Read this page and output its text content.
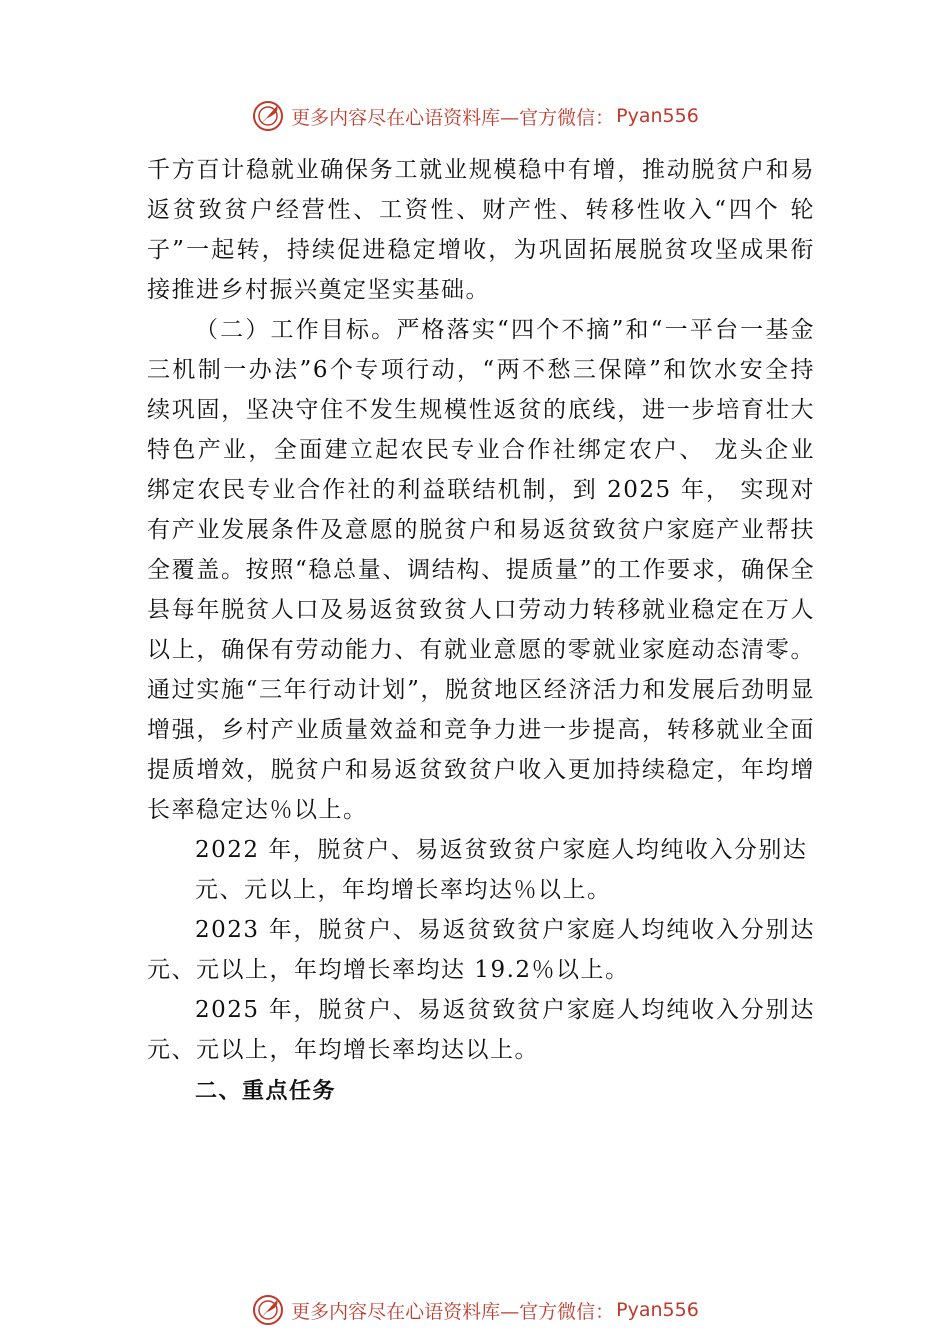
更多内容尽在心语资料库—官方微信： Pyan556

千方百计稳就业确保务工就业规模稳中有增，推动脱贫户和易返贫致贫户经营性、工资性、财产性、转移性收入“四个 轮子”一起转，持续促进稳定增收，为巩固拓展脱贫攻坚成果衔接推进乡村振兴奠定坚实基础。

（二）工作目标。严格落实“四个不摘”和“一平台一基金三机制一办法”6个专项行动，“两不愁三保障”和饮水安全持续巩固，坚决守住不发生规模性返贫的底线，进一步培育壮大特色产业，全面建立起农民专业合作社绑定农户、 龙头企业绑定农民专业合作社的利益联结机制，到 2025 年， 实现对有产业发展条件及意愿的脱贫户和易返贫致贫户家庭产业帮扶全覆盖。按照“稳总量、调结构、提质量”的工作要求，确保全县每年脱贫人口及易返贫致贫人口劳动力转移就业稳定在万人以上，确保有劳动能力、有就业意愿的零就业家庭动态清零。通过实施“三年行动计划”，脱贫地区经济活力和发展后劲明显增强，乡村产业质量效益和竞争力进一步提高，转移就业全面提质增效，脱贫户和易返贫致贫户收入更加持续稳定，年均增长率稳定达％以上。

2022 年，脱贫户、易返贫致贫户家庭人均纯收入分别达

元、元以上，年均增长率均达％以上。

2023 年，脱贫户、易返贫致贫户家庭人均纯收入分别达元、元以上，年均增长率均达 19.2％以上。

2025 年，脱贫户、易返贫致贫户家庭人均纯收入分别达元、元以上，年均增长率均达以上。

二、重点任务

更多内容尽在心语资料库—官方微信： Pyan556
